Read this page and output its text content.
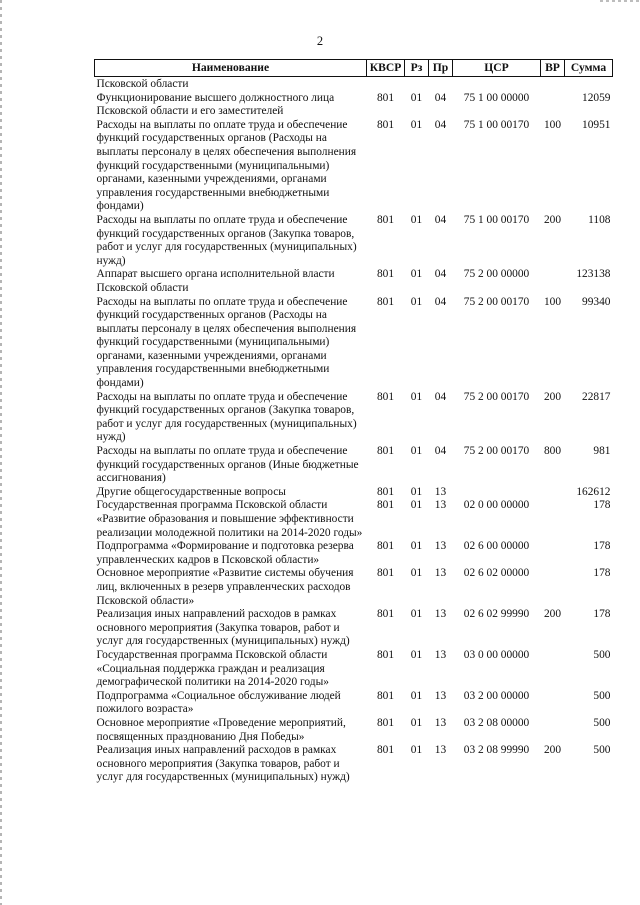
2
Наименование	КВСР	Рз	Пр	ЦСР	ВР	Сумма
Псковской области						
Функционирование высшего должностного лица Псковской области и его заместителей	801	01	04	75 1 00 00000		12059
Расходы на выплаты по оплате труда и обеспечение функций государственных органов (Расходы на выплаты персоналу в целях обеспечения выполнения функций государственными (муниципальными) органами, казенными учреждениями, органами управления государственными внебюджетными фондами)	801	01	04	75 1 00 00170	100	10951
Расходы на выплаты по оплате труда и обеспечение функций государственных органов (Закупка товаров, работ и услуг для государственных (муниципальных) нужд)	801	01	04	75 1 00 00170	200	1108
Аппарат высшего органа исполнительной власти Псковской области	801	01	04	75 2 00 00000		123138
Расходы на выплаты по оплате труда и обеспечение функций государственных органов (Расходы на выплаты персоналу в целях обеспечения выполнения функций государственными (муниципальными) органами, казенными учреждениями, органами управления государственными внебюджетными фондами)	801	01	04	75 2 00 00170	100	99340
Расходы на выплаты по оплате труда и обеспечение функций государственных органов (Закупка товаров, работ и услуг для государственных (муниципальных) нужд)	801	01	04	75 2 00 00170	200	22817
Расходы на выплаты по оплате труда и обеспечение функций государственных органов (Иные бюджетные ассигнования)	801	01	04	75 2 00 00170	800	981
Другие общегосударственные вопросы	801	01	13			162612
Государственная программа Псковской области «Развитие образования и повышение эффективности реализации молодежной политики на 2014-2020 годы»	801	01	13	02 0 00 00000		178
Подпрограмма «Формирование и подготовка резерва управленческих кадров в Псковской области»	801	01	13	02 6 00 00000		178
Основное мероприятие «Развитие системы обучения лиц, включенных в резерв управленческих расходов Псковской области»	801	01	13	02 6 02 00000		178
Реализация иных направлений расходов в рамках основного мероприятия (Закупка товаров, работ и услуг для государственных (муниципальных) нужд)	801	01	13	02 6 02 99990	200	178
Государственная программа Псковской области «Социальная поддержка граждан и реализация демографической политики на 2014-2020 годы»	801	01	13	03 0 00 00000		500
Подпрограмма «Социальное обслуживание людей пожилого возраста»	801	01	13	03 2 00 00000		500
Основное мероприятие «Проведение мероприятий, посвященных празднованию Дня Победы»	801	01	13	03 2 08 00000		500
Реализация иных направлений расходов в рамках основного мероприятия (Закупка товаров, работ и услуг для государственных (муниципальных) нужд)	801	01	13	03 2 08 99990	200	500
